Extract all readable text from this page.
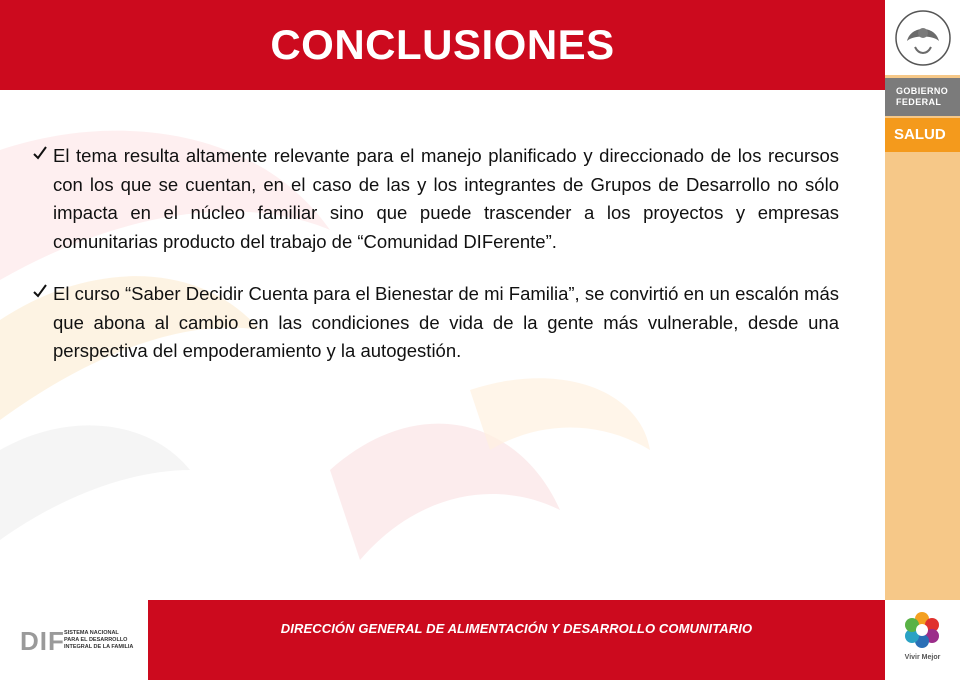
CONCLUSIONES
GOBIERNO
FEDERAL
SALUD
Vivir Mejor
El tema resulta altamente relevante para el manejo planificado y direccionado de los recursos con los que se cuentan, en el caso de las y los integrantes de Grupos de Desarrollo no sólo impacta en el núcleo familiar sino que puede trascender a los proyectos y empresas comunitarias producto del trabajo de “Comunidad DIFerente”.
El curso “Saber Decidir Cuenta para el Bienestar de mi Familia”, se convirtió en un escalón más que abona al cambio en las condiciones de vida de la gente más vulnerable, desde una perspectiva del empoderamiento y la autogestión.
DIF SISTEMA NACIONAL
PARA EL DESARROLLO
INTEGRAL DE LA FAMILIA
DIRECCIÓN GENERAL DE ALIMENTACIÓN Y DESARROLLO COMUNITARIO
